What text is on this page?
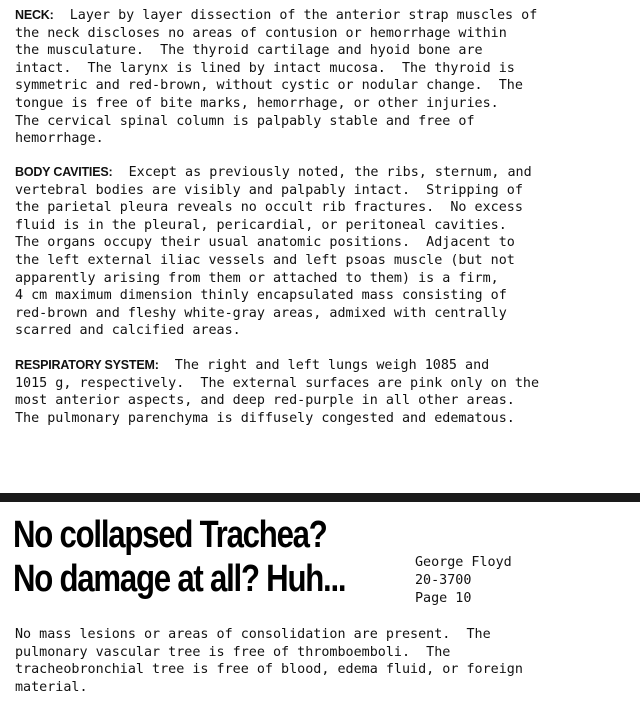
NECK:  Layer by layer dissection of the anterior strap muscles of
the neck discloses no areas of contusion or hemorrhage within
the musculature.  The thyroid cartilage and hyoid bone are
intact.  The larynx is lined by intact mucosa.  The thyroid is
symmetric and red-brown, without cystic or nodular change.  The
tongue is free of bite marks, hemorrhage, or other injuries.
The cervical spinal column is palpably stable and free of
hemorrhage.

BODY CAVITIES:  Except as previously noted, the ribs, sternum, and
vertebral bodies are visibly and palpably intact.  Stripping of
the parietal pleura reveals no occult rib fractures.  No excess
fluid is in the pleural, pericardial, or peritoneal cavities.
The organs occupy their usual anatomic positions.  Adjacent to
the left external iliac vessels and left psoas muscle (but not
apparently arising from them or attached to them) is a firm,
4 cm maximum dimension thinly encapsulated mass consisting of
red-brown and fleshy white-gray areas, admixed with centrally
scarred and calcified areas.

RESPIRATORY SYSTEM:  The right and left lungs weigh 1085 and
1015 g, respectively.  The external surfaces are pink only on the
most anterior aspects, and deep red-purple in all other areas.
The pulmonary parenchyma is diffusely congested and edematous.

No collapsed Trachea?

No damage at all? Huh...	George Floyd
20-3700
Page 10

No mass lesions or areas of consolidation are present.  The
pulmonary vascular tree is free of thromboemboli.  The
tracheobronchial tree is free of blood, edema fluid, or foreign
material.
